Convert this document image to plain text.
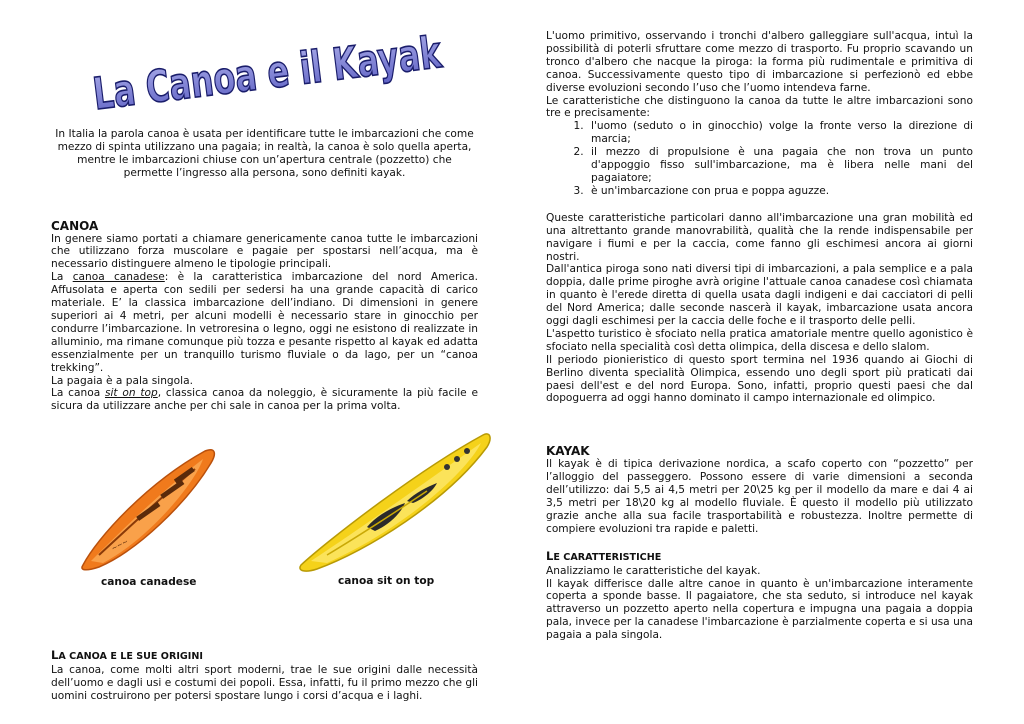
La Canoa e il Kayak

In Italia la parola canoa è usata per identificare tutte le imbarcazioni che come mezzo di spinta utilizzano una pagaia; in realtà, la canoa è solo quella aperta, mentre le imbarcazioni chiuse con un’apertura centrale (pozzetto) che permette l’ingresso alla persona, sono definiti kayak.

CANOA

In genere siamo portati a chiamare genericamente canoa tutte le imbarcazioni che utilizzano forza muscolare e pagaie per spostarsi nell’acqua, ma è necessario distinguere almeno le tipologie principali.

La canoa canadese: è la caratteristica imbarcazione del nord America. Affusolata e aperta con sedili per sedersi ha una grande capacità di carico materiale. E’ la classica imbarcazione dell’indiano. Di dimensioni in genere superiori ai 4 metri, per alcuni modelli è necessario stare in ginocchio per condurre l’imbarcazione. In vetroresina o legno, oggi ne esistono di realizzate in alluminio, ma rimane comunque più tozza e pesante rispetto al kayak ed adatta essenzialmente per un tranquillo turismo fluviale o da lago, per un “canoa trekking”.

La pagaia è a pala singola.

La canoa sit on top, classica canoa da noleggio, è sicuramente la più facile e sicura da utilizzare anche per chi sale in canoa per la prima volta.

~~~
canoa canadese	canoa sit on top

LA CANOA E LE SUE ORIGINI

La canoa, come molti altri sport moderni, trae le sue origini dalle necessità dell’uomo e dagli usi e costumi dei popoli. Essa, infatti, fu il primo mezzo che gli uomini costruirono per potersi spostare lungo i corsi d’acqua e i laghi.

L'uomo primitivo, osservando i tronchi d'albero galleggiare sull'acqua, intuì la possibilità di poterli sfruttare come mezzo di trasporto. Fu proprio scavando un tronco d'albero che nacque la piroga: la forma più rudimentale e primitiva di canoa. Successivamente questo tipo di imbarcazione si perfezionò ed ebbe diverse evoluzioni secondo l’uso che l’uomo intendeva farne.

Le caratteristiche che distinguono la canoa da tutte le altre imbarcazioni sono tre e precisamente:

1. l'uomo (seduto o in ginocchio) volge la fronte verso la direzione di marcia;
2. il mezzo di propulsione è una pagaia che non trova un punto d'appoggio fisso sull'imbarcazione, ma è libera nelle mani del pagaiatore;
3. è un'imbarcazione con prua e poppa aguzze.

Queste caratteristiche particolari danno all'imbarcazione una gran mobilità ed una altrettanto grande manovrabilità, qualità che la rende indispensabile per navigare i fiumi e per la caccia, come fanno gli eschimesi ancora ai giorni nostri.

Dall'antica piroga sono nati diversi tipi di imbarcazioni, a pala semplice e a pala doppia, dalle prime piroghe avrà origine l'attuale canoa canadese così chiamata in quanto è l'erede diretta di quella usata dagli indigeni e dai cacciatori di pelli del Nord America; dalle seconde nascerà il kayak, imbarcazione usata ancora oggi dagli eschimesi per la caccia delle foche e il trasporto delle pelli.

L'aspetto turistico è sfociato nella pratica amatoriale mentre quello agonistico è sfociato nella specialità così detta olimpica, della discesa e dello slalom.

Il periodo pionieristico di questo sport termina nel 1936 quando ai Giochi di Berlino diventa specialità Olimpica, essendo uno degli sport più praticati dai paesi dell'est e del nord Europa. Sono, infatti, proprio questi paesi che dal dopoguerra ad oggi hanno dominato il campo internazionale ed olimpico.

KAYAK

Il kayak è di tipica derivazione nordica, a scafo coperto con “pozzetto” per l’alloggio del passeggero. Possono essere di varie dimensioni a seconda dell’utilizzo: dai 5,5 ai 4,5 metri per 20\25 kg per il modello da mare e dai 4 ai 3,5 metri per 18\20 kg al modello fluviale. È questo il modello più utilizzato grazie anche alla sua facile trasportabilità e robustezza. Inoltre permette di compiere evoluzioni tra rapide e paletti.

LE CARATTERISTICHE

Analizziamo le caratteristiche del kayak.

Il kayak differisce dalle altre canoe in quanto è un'imbarcazione interamente coperta a sponde basse. Il pagaiatore, che sta seduto, si introduce nel kayak attraverso un pozzetto aperto nella copertura e impugna una pagaia a doppia pala, invece per la canadese l'imbarcazione è parzialmente coperta e si usa una pagaia a pala singola.
